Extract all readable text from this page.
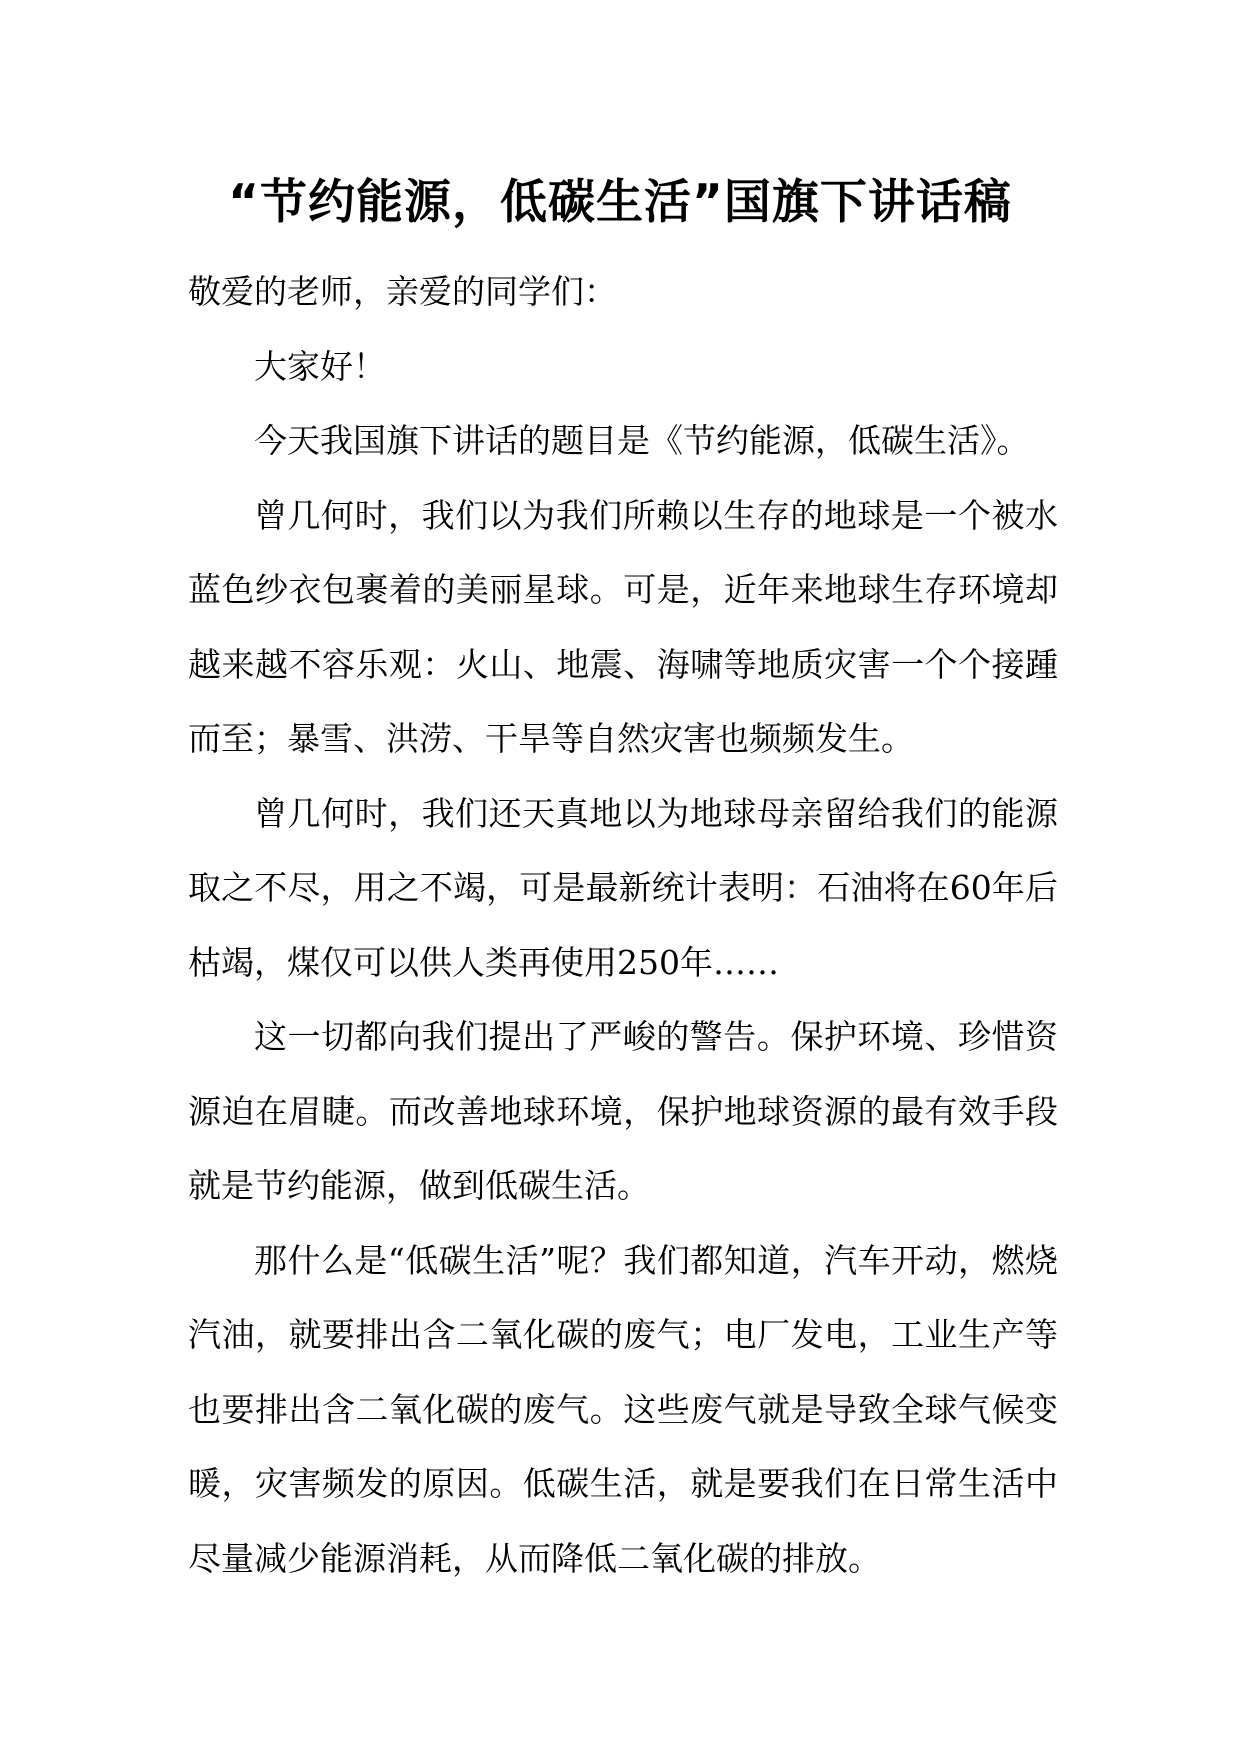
“节约能源，低碳生活”国旗下讲话稿

敬爱的老师，亲爱的同学们：

大家好！

今天我国旗下讲话的题目是《节约能源，低碳生活》。

曾几何时，我们以为我们所赖以生存的地球是一个被水蓝色纱衣包裹着的美丽星球。可是，近年来地球生存环境却越来越不容乐观：火山、地震、海啸等地质灾害一个个接踵而至；暴雪、洪涝、干旱等自然灾害也频频发生。

曾几何时，我们还天真地以为地球母亲留给我们的能源取之不尽，用之不竭，可是最新统计表明：石油将在60年后枯竭，煤仅可以供人类再使用250年……

这一切都向我们提出了严峻的警告。保护环境、珍惜资源迫在眉睫。而改善地球环境，保护地球资源的最有效手段就是节约能源，做到低碳生活。

那什么是“低碳生活”呢？我们都知道，汽车开动，燃烧汽油，就要排出含二氧化碳的废气；电厂发电，工业生产等也要排出含二氧化碳的废气。这些废气就是导致全球气候变暖，灾害频发的原因。低碳生活，就是要我们在日常生活中尽量减少能源消耗，从而降低二氧化碳的排放。
